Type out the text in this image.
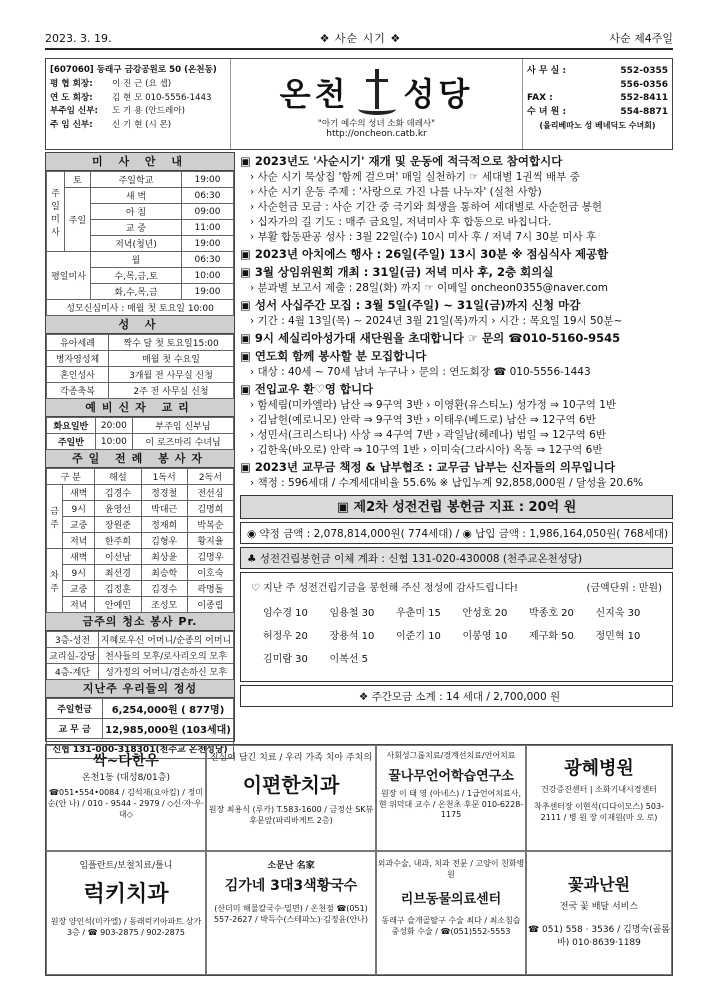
2023. 3. 19.	❖ 사순 시기 ❖	사순 제4주일
[607060] 동래구 금강공원로 50 (온천동)
평 협 회장: 이 진 근 (요 셉)
연 도 회장: 김 현 모 010-5556-1443
부주임 신부: 도 기 용 (안드레아)
주 임 신부: 신 기 현 (시 몬)
온천 성당
"아기 예수의 성녀 소화 데레사"
http://oncheon.catb.kr
사 무 실 :	552-0355
556-0356
FAX :	552-8411
수 녀 원 :	554-8871
(올리베따노 성 베네딕도 수녀회)
미 사 안 내
주일미사	토	주일학교	19:00
	주일	새 벽	06:30
		아 침	09:00
		교 중	11:00
		저녁(청년)	19:00
평일미사		월	06:30
		수,목,금,토	10:00
		화,수,목,금	19:00
성모신심미사 : 매월 첫 토요일 10:00			
성 사
유아세례	짝수 달 첫 토요일15:00
병자영성체	매월 첫 수요일
혼인성사	3개월 전 사무실 신청
각종축복	2주 전 사무실 신청
예비신자 교리
화요일반	20:00	부주임 신부님
주일반	10:00	이 로즈마리 수녀님
주일 전례 봉사자
구 분		해설	1독서	2독서
금주	새벽	김경수	정경철	전선심
	9시	윤영선	박대근	김명희
	교중	장원준	정재희	박복순
	저녁	한주희	김형우	황지율
차주	새벽	이선남	최상윤	김명우
	9시	최선경	최승학	이호숙
	교중	김정훈	김경수	곽명돌
	저녁	안예민	조성모	이종립
금주의 청소 봉사 Pr.
3층-성전	지혜로우신 어머니/순종의 어머니
교리실-강당	천사들의 모후/로사리오의 모후
4층-계단	성가정의 어머니/겸손하신 모후
지난주 우리들의 정성
주일헌금	6,254,000원 ( 877명)
교 무 금	12,985,000원 (103세대)
신협 131-000-318301(천주교 온천성당)	
▣ 2023년도 '사순시기' 재개 및 운동에 적극적으로 참여합시다

› 사순 시기 묵상집 '함께 걸으며' 매일 실천하기 ☞ 세대별 1권씩 배부 중

› 사순 시기 운동 주제 : '사랑으로 가진 나를 나누자' (실천 사항)

› 사순헌금 모금 : 사순 기간 중 극기와 희생을 통하여 세대별로 사순헌금 봉헌

› 십자가의 길 기도 : 매주 금요일, 저녁미사 후 합동으로 바칩니다.

› 부활 합동판공 성사 : 3월 22일(수) 10시 미사 후 / 저녁 7시 30분 미사 후

▣ 2023년 아치에스 행사 : 26일(주일) 13시 30분 ※ 점심식사 제공함
▣ 3월 상임위원회 개최 : 31일(금) 저녁 미사 후, 2층 회의실

› 분과별 보고서 제출 : 28일(화) 까지 ☞ 이메일 oncheon0355@naver.com

▣ 성서 사십주간 모집 : 3월 5일(주일) ~ 31일(금)까지 신청 마감

› 기간 : 4월 13일(목) ~ 2024년 3월 21일(목)까지 › 시간 : 목요일 19시 50분~

▣ 9시 세실리아성가대 새단원을 초대합니다 ☞ 문의 ☎010-5160-9545
▣ 연도회 함께 봉사할 분 모집합니다

› 대상 : 40세 ~ 70세 남녀 누구나 › 문의 : 연도회장 ☎ 010-5556-1443

▣ 전입교우 환♡영 합니다

› 함세림(미카엘라) 남산 ⇒ 9구역 3반 › 이영환(유스티노) 성가정 ⇒ 10구역 1반

› 김남헌(예로니모) 안락 ⇒ 9구역 3반 › 이태우(베드로) 남산 ⇒ 12구역 6반

› 성민서(크리스티나) 사상 ⇒ 4구역 7반 › 곽일남(헤레나) 범일 ⇒ 12구역 6반

› 김한욱(바오로) 안락 ⇒ 10구역 1반 › 이미숙(그라시아) 옥동 ⇒ 12구역 6반

▣ 2023년 교무금 책정 & 납부협조 : 교무금 납부는 신자들의 의무입니다

› 책정 : 596세대 / 수계세대비율 55.6% ※ 납입누계 92,858,000원 / 달성율 20.6%

▣ 제2차 성전건립 봉헌금 지표 : 20억 원
◉ 약정 금액 : 2,078,814,000원( 774세대) / ◉ 납입 금액 : 1,986,164,050원( 768세대)
♣ 성전건립봉헌금 이체 계좌 : 신협 131-020-430008 (천주교온천성당)
♡ 지난 주 성전건립기금을 봉헌해 주신 정성에 감사드립니다!	(금액단위 : 만원)
임수경 10	임용철 30	우춘미 15	안성호 20	박종호 20	신지욱 30
허정우 20	장용석 10	이준기 10	이봉영 10	제구화 50	정민혁 10
김미람 30	이복선 5
❖ 주간모금 소계 : 14 세대 / 2,700,000 원
싹~다한우
온천1동 (대성8/01층)
☎051•554•0084 / 김석재(요아킴) / 정미순(안 나) / 010 - 9544 - 2979 / ◇신·자·우·대◇
진심이 담긴 치료 / 우리 가족 치아 주치의
이편한치과
원장 최용식 (루카) T.583-1600 / 금정산 SK뷰 후문앞(파리바게트 2층)
사회성그룹치료/경계선치료/언어치료
꿀나무언어학습연구소
원장 이 태 영 (아네스) / 1급언어치료사, 현 위덕대 교수 / 온천초 후문 010-6228-1175
광혜병원
건강증진센터 | 소화기내시경센터
착추센터장 이현석(디다이모스) 503-2111 / 병 원 장 이재원(마 오 로)
임플란트/보철치료/틀니
럭키치과
원장 양인석(미카엘) / 동래럭키아파트 상가 3층 / ☎ 903-2875 / 902-2875
소문난 名家
김가네 3대3색황국수
(산더미 해물칼국수·밀면) / 온천점 ☎(051) 557-2627 / 박득수(스테파노)·김정윤(안나)
외과수술, 내과, 치과 전문 / 고양이 친화병원
리브동물의료센터
동래구 슬개골탈구 수술 최다 / 최소침습 중성화 수술 / ☎(051)552-5553
꽃과난원
전국 꽃 배달 서비스
☎ 051) 558 · 3536 / 김명숙(골롬바) 010·8639·1189
